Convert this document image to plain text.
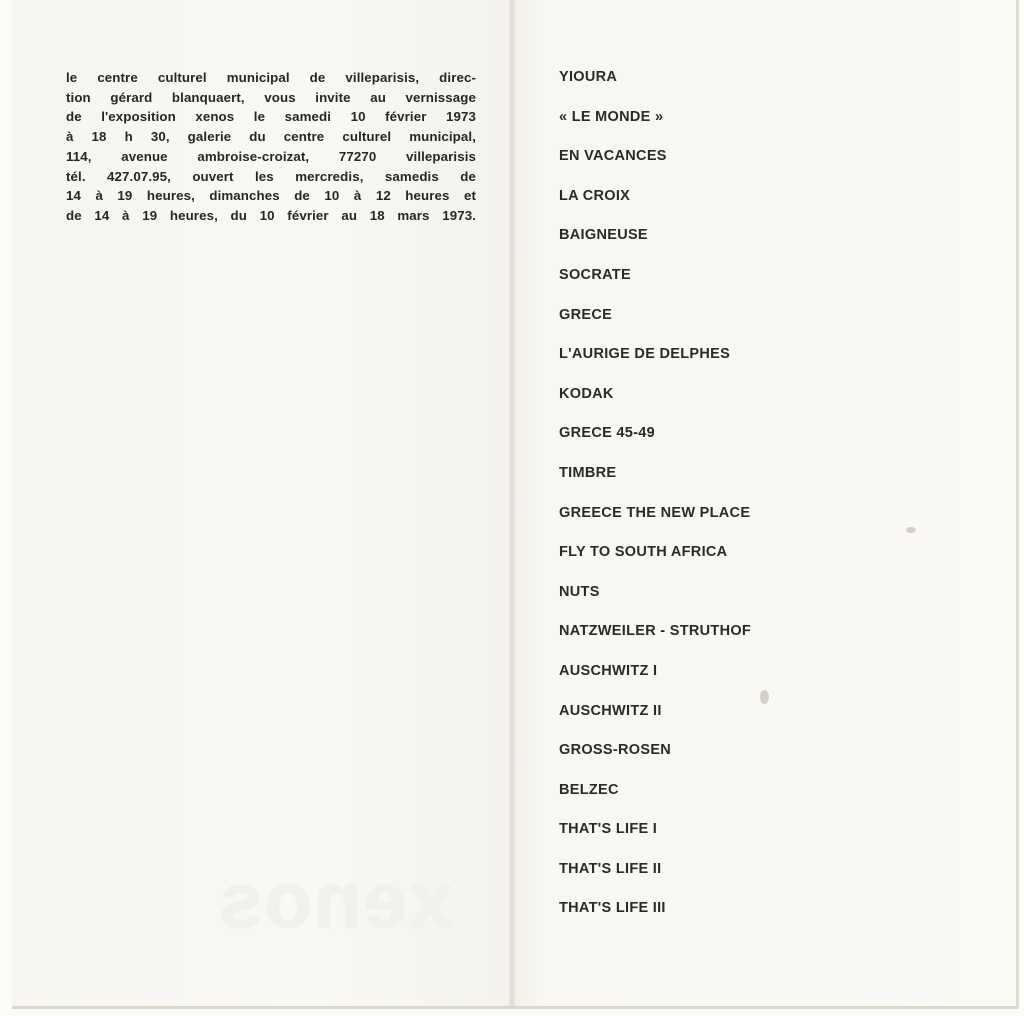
xenos
le centre culturel municipal de villeparisis, direc-
tion gérard blanquaert, vous invite au vernissage
de l'exposition xenos le samedi 10 février 1973
à 18 h 30, galerie du centre culturel municipal,
114, avenue ambroise-croizat, 77270 villeparisis
tél. 427.07.95, ouvert les mercredis, samedis de
14 à 19 heures, dimanches de 10 à 12 heures et
de 14 à 19 heures, du 10 février au 18 mars 1973.
YIOURA
« LE MONDE »
EN VACANCES
LA CROIX
BAIGNEUSE
SOCRATE
GRECE
L'AURIGE DE DELPHES
KODAK
GRECE 45-49
TIMBRE
GREECE THE NEW PLACE
FLY TO SOUTH AFRICA
NUTS
NATZWEILER - STRUTHOF
AUSCHWITZ I
AUSCHWITZ II
GROSS-ROSEN
BELZEC
THAT'S LIFE I
THAT'S LIFE II
THAT'S LIFE III
